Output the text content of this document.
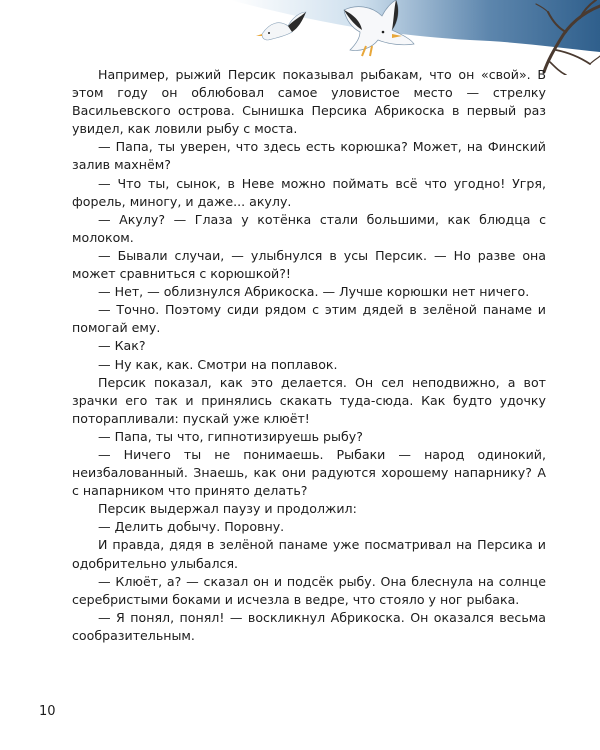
Например, рыжий Персик показывал рыбакам, что он «свой». В этом году он облюбовал самое уловистое место — стрелку Васильевского острова. Сынишка Персика Абрикоска в первый раз увидел, как ловили рыбу с моста.

— Папа, ты уверен, что здесь есть корюшка? Может, на Финский залив махнём?

— Что ты, сынок, в Неве можно поймать всё что угодно! Угря, форель, миногу, и даже... акулу.

— Акулу? — Глаза у котёнка стали большими, как блюдца с молоком.

— Бывали случаи, — улыбнулся в усы Персик. — Но разве она может сравниться с корюшкой?!

— Нет, — облизнулся Абрикоска. — Лучше корюшки нет ничего.

— Точно. Поэтому сиди рядом с этим дядей в зелёной панаме и помогай ему.

— Как?

— Ну как, как. Смотри на поплавок.

Персик показал, как это делается. Он сел неподвижно, а вот зрачки его так и принялись скакать туда-сюда. Как будто удочку поторапливали: пускай уже клюёт!

— Папа, ты что, гипнотизируешь рыбу?

— Ничего ты не понимаешь. Рыбаки — народ одинокий, неизбалованный. Знаешь, как они радуются хорошему напарнику? А с напарником что принято делать?

Персик выдержал паузу и продолжил:

— Делить добычу. Поровну.

И правда, дядя в зелёной панаме уже посматривал на Персика и одобрительно улыбался.

— Клюёт, а? — сказал он и подсёк рыбу. Она блеснула на солнце серебристыми боками и исчезла в ведре, что стояло у ног рыбака.

— Я понял, понял! — воскликнул Абрикоска. Он оказался весьма сообразительным.

10
